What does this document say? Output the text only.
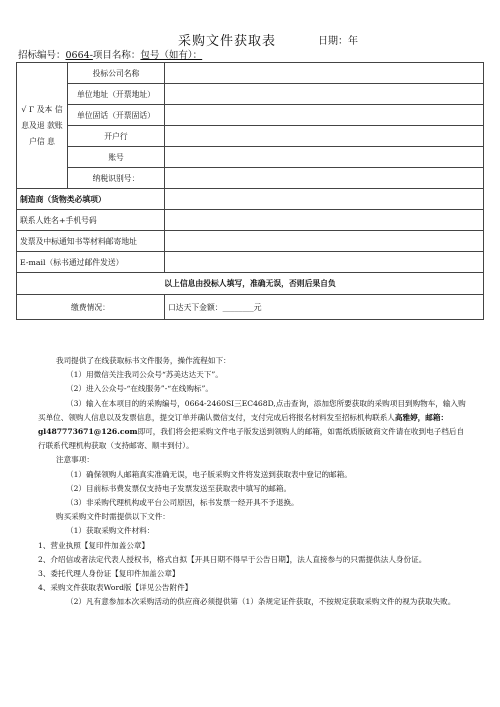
采购文件获取表	日期：年
招标编号：0664-项目名称：包号（如有）：
√ Γ 及本 信息及退 款账户信 息	投标公司名称	
	单位地址（开票地址）	
	单位固话（开票固话）	
	开户行	
	账号	
	纳税识别号：	
制造商（货物类必填项）		
联系人姓名+手机号码		
发票及中标通知书等材料邮寄地址		
E-mail（标书通过邮件发送）		
以上信息由投标人填写，准确无误，否则后果自负		
缴费情况：		口达天下金额：________元

我司提供了在线获取标书文件服务，操作流程如下：

（1）用微信关注我司公众号“苏美达达天下”。

（2）进入公众号-“在线服务”-“在线购标”。

（3）输入在本项目的的采购编号，0664-2460SI三EC468D,点击查询，添加您所要获取的采购项目到购物车，输入购买单位、领购人信息以及发票信息，提交订单并确认微信支付，支付完成后将报名材料发至招标机构联系人高雅婷，邮箱：gl487773671@126.com即可，我们将会把采购文件电子版发送到领购人的邮箱，如需纸质版破商文件请在收到电子档后自行联系代理机构获取（支持邮寄、顺丰到付）。

注意事项：

（1）确保领购人邮箱真实准确无误，电子版采购文件将发送到获取表中登记的邮箱。

（2）目前标书费发票仅支持电子发票发送至获取表中填写的邮箱。

（3）非采购代理机构或平台公司原因，标书发票一经开具不予退换。

购买采购文件时需提供以下文件：

（1）获取采购文件材料：

1、营业执照【复印件加盖公章】

2、介绍信或者法定代表人授权书，格式自拟【开具日期不得早于公告日期】，法人直接参与的只需提供法人身份证。

3、委托代理人身份证【复印件加盖公章】

4、采购文件获取表Word版【详见公告附件】

（2）凡有意参加本次采购活动的供应商必须提供第（1）条规定证件获取，不按规定获取采购文件的视为获取失败。
